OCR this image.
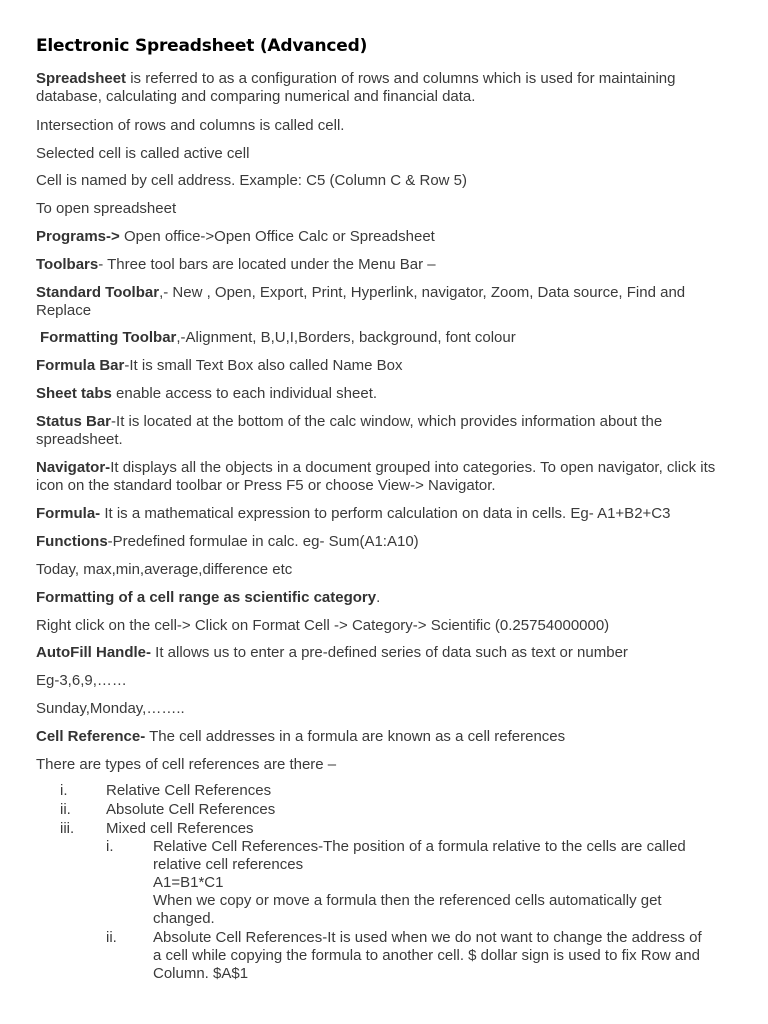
Electronic Spreadsheet (Advanced)
Spreadsheet is referred to as a configuration of rows and columns which is used for maintaining database, calculating and comparing numerical and financial data.
Intersection of rows and columns is called cell.
Selected cell is called active cell
Cell is named by cell address. Example: C5 (Column C & Row 5)
To open spreadsheet
Programs-> Open office->Open Office Calc or Spreadsheet
Toolbars- Three tool bars are located under the Menu Bar –
Standard Toolbar,- New , Open, Export, Print, Hyperlink, navigator, Zoom, Data source, Find and Replace
Formatting Toolbar,-Alignment, B,U,I,Borders, background, font colour
Formula Bar-It is small Text Box also called Name Box
Sheet tabs enable access to each individual sheet.
Status Bar-It is located at the bottom of the calc window, which provides information about the spreadsheet.
Navigator-It displays all the objects in a document grouped into categories. To open navigator, click its icon on the standard toolbar or Press F5 or choose View-> Navigator.
Formula- It is a mathematical expression to perform calculation on data in cells. Eg- A1+B2+C3
Functions-Predefined formulae in calc. eg- Sum(A1:A10)
Today, max,min,average,difference etc
Formatting of a cell range as scientific category.
Right click on the cell-> Click on Format Cell -> Category-> Scientific (0.25754000000)
AutoFill Handle- It allows us to enter a pre-defined series of data such as text or number
Eg-3,6,9,……
Sunday,Monday,……..
Cell Reference- The cell addresses in a formula are known as a cell references
There are types of cell references are there –
i.	Relative Cell References
ii. Absolute Cell References
iii. Mixed cell References
i.	Relative Cell References-The position of a formula relative to the cells are called
relative cell references
A1=B1*C1
When we copy or move a formula then the referenced cells automatically get
changed.
ii. Absolute Cell References-It is used when we do not want to change the address of
a cell while copying the formula to another cell. $ dollar sign is used to fix Row and
Column. $A$1
